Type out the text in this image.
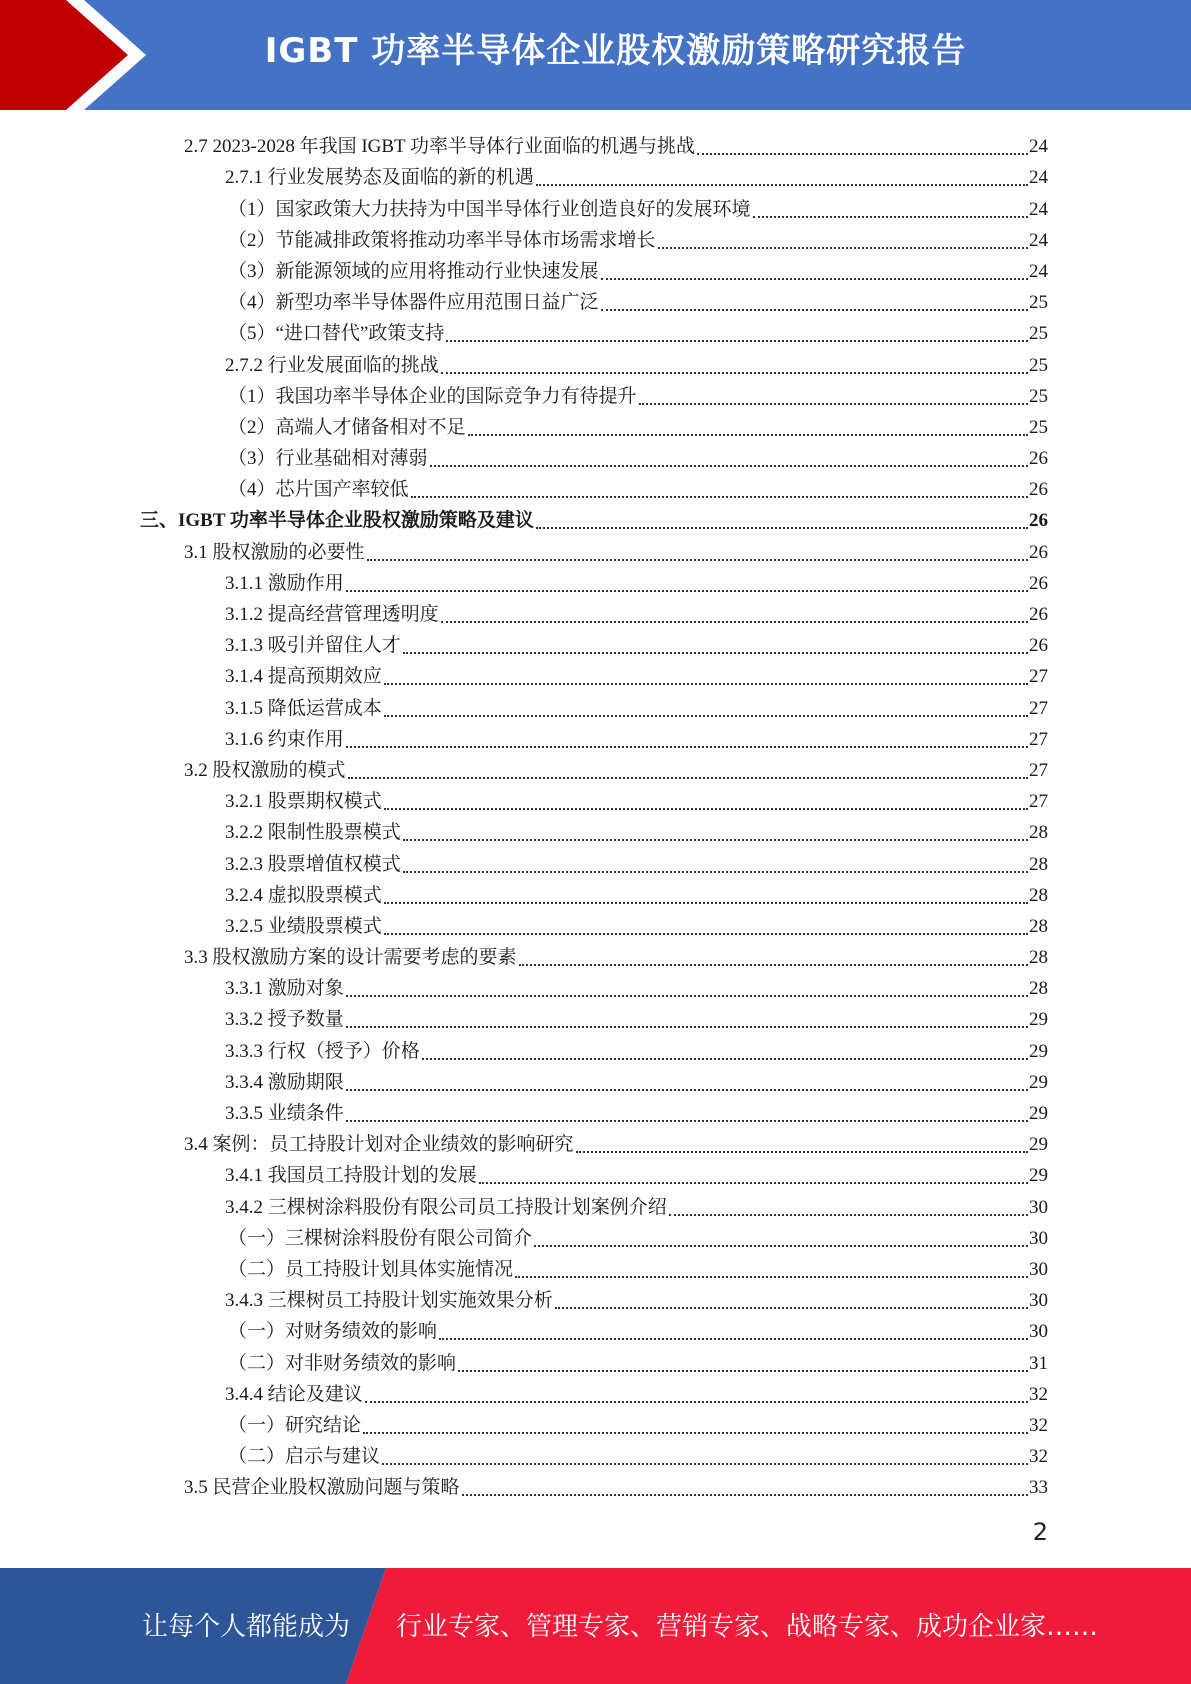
IGBT 功率半导体企业股权激励策略研究报告
2.7 2023-2028 年我国 IGBT 功率半导体行业面临的机遇与挑战	24
2.7.1 行业发展势态及面临的新的机遇	24
（1）国家政策大力扶持为中国半导体行业创造良好的发展环境	24
（2）节能减排政策将推动功率半导体市场需求增长	24
（3）新能源领域的应用将推动行业快速发展	24
（4）新型功率半导体器件应用范围日益广泛	25
（5）“进口替代”政策支持	25
2.7.2 行业发展面临的挑战	25
（1）我国功率半导体企业的国际竞争力有待提升	25
（2）高端人才储备相对不足	25
（3）行业基础相对薄弱	26
（4）芯片国产率较低	26
三、IGBT 功率半导体企业股权激励策略及建议	26
3.1 股权激励的必要性	26
3.1.1 激励作用	26
3.1.2 提高经营管理透明度	26
3.1.3 吸引并留住人才	26
3.1.4 提高预期效应	27
3.1.5 降低运营成本	27
3.1.6 约束作用	27
3.2 股权激励的模式	27
3.2.1 股票期权模式	27
3.2.2 限制性股票模式	28
3.2.3 股票增值权模式	28
3.2.4 虚拟股票模式	28
3.2.5 业绩股票模式	28
3.3 股权激励方案的设计需要考虑的要素	28
3.3.1 激励对象	28
3.3.2 授予数量	29
3.3.3 行权（授予）价格	29
3.3.4 激励期限	29
3.3.5 业绩条件	29
3.4 案例：员工持股计划对企业绩效的影响研究	29
3.4.1 我国员工持股计划的发展	29
3.4.2 三棵树涂料股份有限公司员工持股计划案例介绍	30
（一）三棵树涂料股份有限公司简介	30
（二）员工持股计划具体实施情况	30
3.4.3 三棵树员工持股计划实施效果分析	30
（一）对财务绩效的影响	30
（二）对非财务绩效的影响	31
3.4.4 结论及建议	32
（一）研究结论	32
（二）启示与建议	32
3.5 民营企业股权激励问题与策略	33
2
让每个人都能成为 行业专家、管理专家、营销专家、战略专家、成功企业家……
